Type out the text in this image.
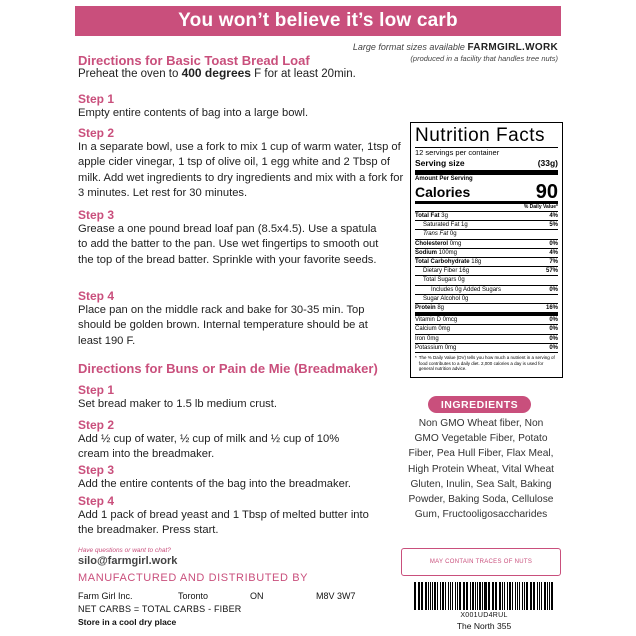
You won’t believe it’s low carb
Large format sizes available FARMGIRL.WORK
(produced in a facility that handles tree nuts)
Directions for Basic Toast Bread Loaf
Preheat the oven to 400 degrees F for at least 20min.
Step 1
Empty entire contents of bag into a large bowl.
Step 2
In a separate bowl, use a fork to mix 1 cup of warm water, 1tsp of apple cider vinegar, 1 tsp of olive oil, 1 egg white and 2 Tbsp of milk. Add wet ingredients to dry ingredients and mix with a fork for 3 minutes. Let rest for 30 minutes.
Step 3
Grease a one pound bread loaf pan (8.5x4.5). Use a spatula to add the batter to the pan. Use wet fingertips to smooth out the top of the bread batter. Sprinkle with your favorite seeds.
Step 4
Place pan on the middle rack and bake for 30-35 min. Top should be golden brown. Internal temperature should be at least 190 F.
Directions for Buns or Pain de Mie (Breadmaker)
Step 1
Set bread maker to 1.5 lb medium crust.
Step 2
Add ½ cup of water, ½ cup of milk and ½ cup of 10% cream into the breadmaker.
Step 3
Add the entire contents of the bag into the breadmaker.
Step 4
Add 1 pack of bread yeast and 1 Tbsp of melted butter into the breadmaker. Press start.
Nutrition Facts
12 servings per container
Serving size	(33g)
Amount Per Serving
Calories	90
% Daily Value*
Total Fat 3g	4%
Saturated Fat 1g	5%
Trans Fat 0g
Cholesterol 0mg	0%
Sodium 100mg	4%
Total Carbohydrate 18g	7%
Dietary Fiber 16g	57%
Total Sugars 0g
Includes 0g Added Sugars	0%
Sugar Alcohol 0g
Protein 8g	16%
Vitamin D 0mcg	0%
Calcium 0mg	0%
Iron 0mg	0%
Potassium 0mg	0%
* The % Daily Value (DV) tells you how much a nutrient in a serving of food contributes to a daily diet. 2,000 calories a day is used for general nutrition advice.
INGREDIENTS
Non GMO Wheat fiber, Non GMO Vegetable Fiber, Potato Fiber, Pea Hull Fiber, Flax Meal, High Protein Wheat, Vital Wheat Gluten, Inulin, Sea Salt, Baking Powder, Baking Soda, Cellulose Gum, Fructooligosaccharides
MAY CONTAIN TRACES OF NUTS
X001UD4RUL
The North 355
Have questions or want to chat?
silo@farmgirl.work
MANUFACTURED AND DISTRIBUTED BY
Farm Girl Inc.	Toronto	ON	M8V 3W7
NET CARBS = TOTAL CARBS - FIBER
Store in a cool dry place
